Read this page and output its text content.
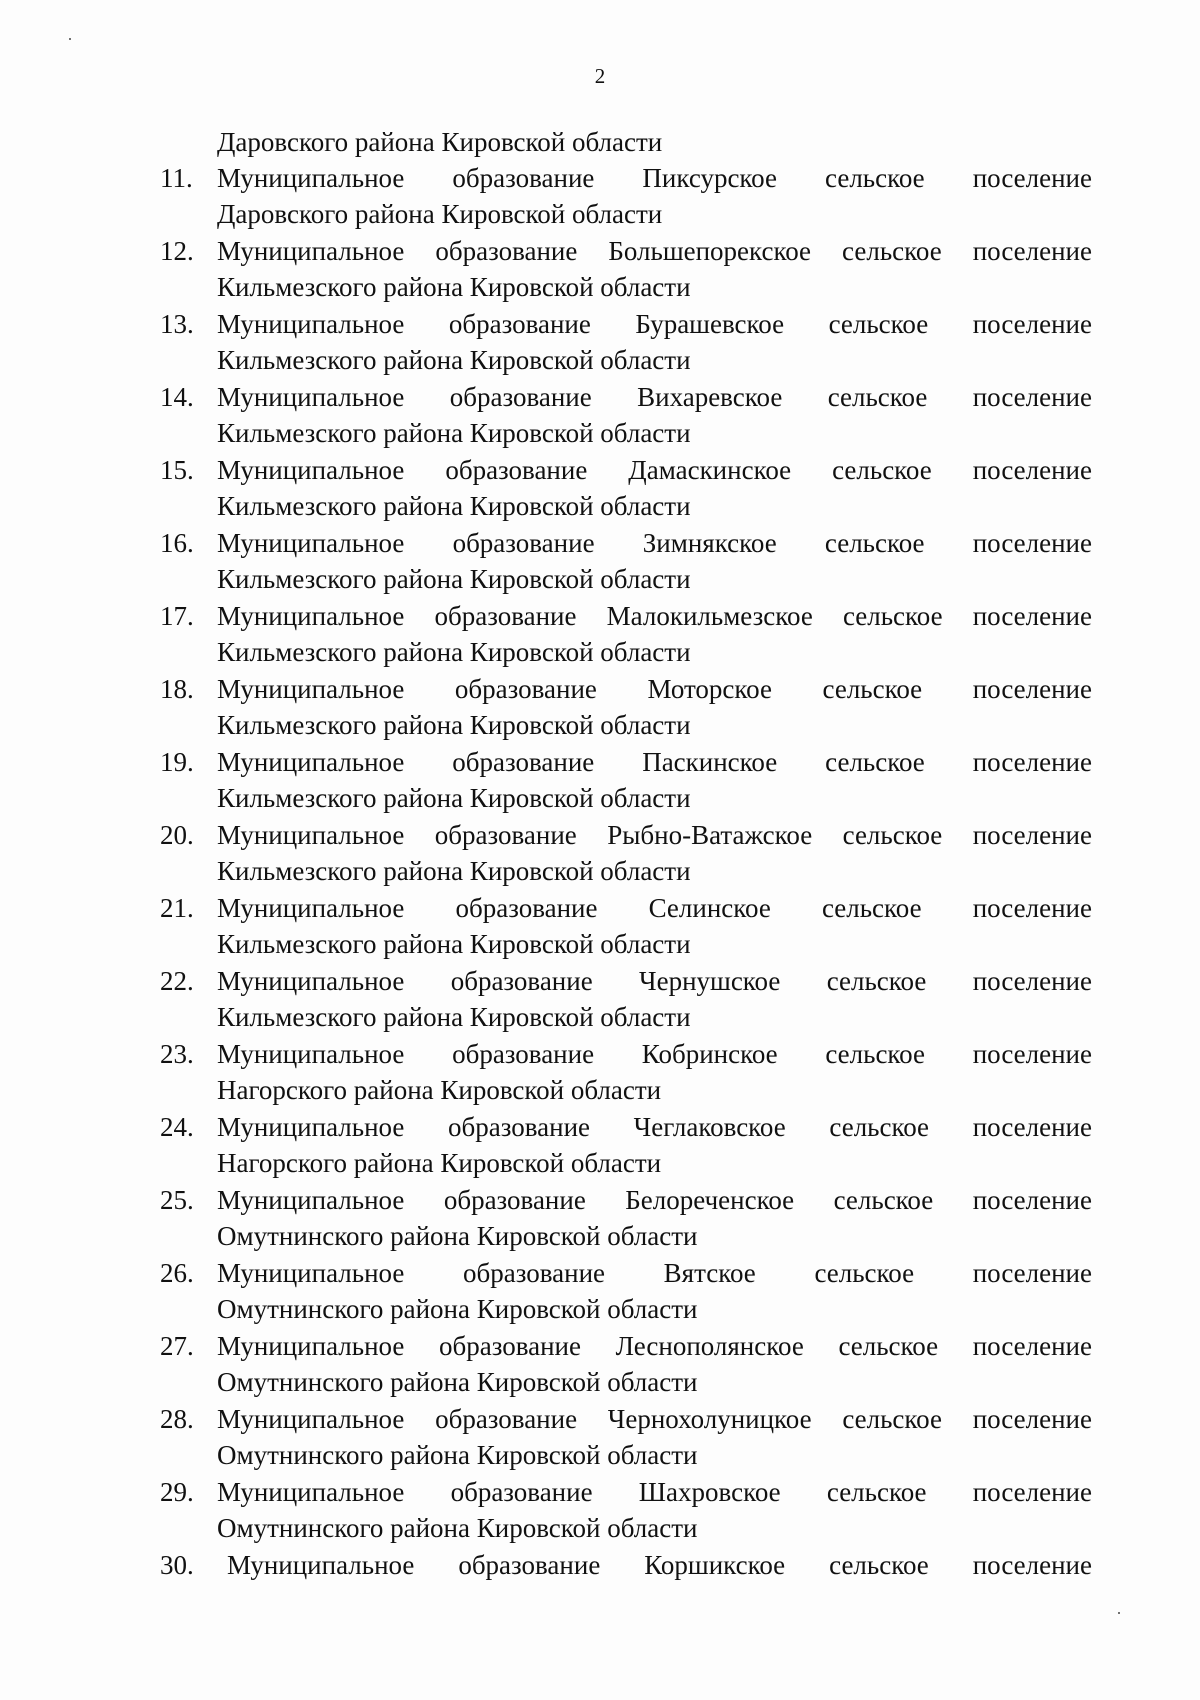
2
Даровского района Кировской области
11. Муниципальное образование Пиксурское сельское поселение
Даровского района Кировской области
12. Муниципальное образование Большепорекское сельское поселение
Кильмезского района Кировской области
13. Муниципальное образование Бурашевское сельское поселение
Кильмезского района Кировской области
14. Муниципальное образование Вихаревское сельское поселение
Кильмезского района Кировской области
15. Муниципальное образование Дамаскинское сельское поселение
Кильмезского района Кировской области
16. Муниципальное образование Зимнякское сельское поселение
Кильмезского района Кировской области
17. Муниципальное образование Малокильмезское сельское поселение
Кильмезского района Кировской области
18. Муниципальное образование Моторское сельское поселение
Кильмезского района Кировской области
19. Муниципальное образование Паскинское сельское поселение
Кильмезского района Кировской области
20. Муниципальное образование Рыбно-Ватажское сельское поселение
Кильмезского района Кировской области
21. Муниципальное образование Селинское сельское поселение
Кильмезского района Кировской области
22. Муниципальное образование Чернушское сельское поселение
Кильмезского района Кировской области
23. Муниципальное образование Кобринское сельское поселение
Нагорского района Кировской области
24. Муниципальное образование Чеглаковское сельское поселение
Нагорского района Кировской области
25. Муниципальное образование Белореченское сельское поселение
Омутнинского района Кировской области
26. Муниципальное образование Вятское сельское поселение
Омутнинского района Кировской области
27. Муниципальное образование Леснополянское сельское поселение
Омутнинского района Кировской области
28. Муниципальное образование Чернохолуницкое сельское поселение
Омутнинского района Кировской области
29. Муниципальное образование Шахровское сельское поселение
Омутнинского района Кировской области
30.	Муниципальное образование Коршикское сельское поселение
